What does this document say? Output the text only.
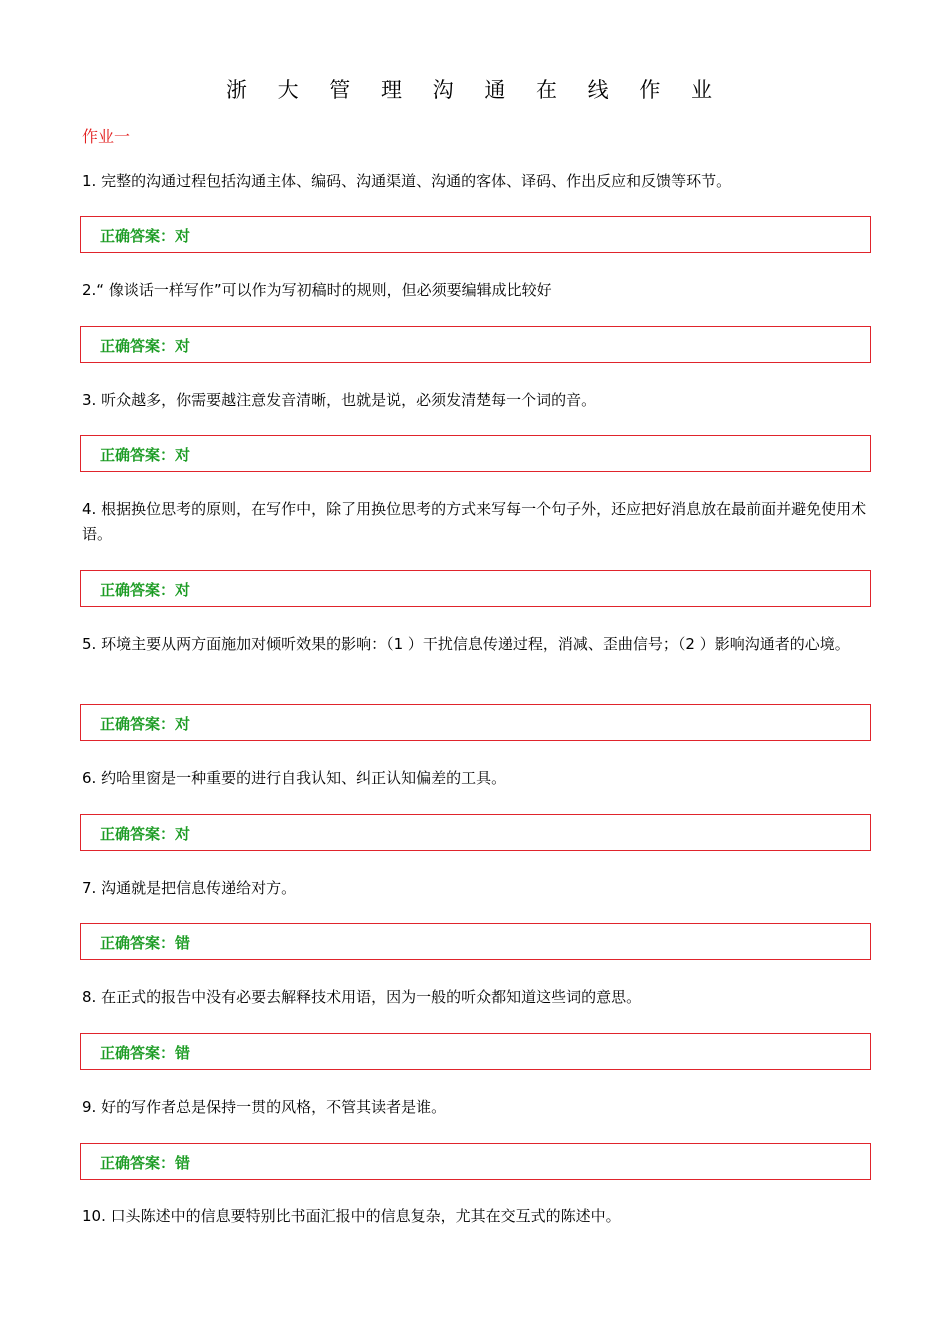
浙 大 管 理 沟 通 在 线 作 业
作业一
1. 完整的沟通过程包括沟通主体、编码、沟通渠道、沟通的客体、译码、作出反应和反馈等环节。
正确答案：对
2.“ 像谈话一样写作”可以作为写初稿时的规则，但必须要编辑成比较好
正确答案：对
3. 听众越多，你需要越注意发音清晰，也就是说，必须发清楚每一个词的音。
正确答案：对
4. 根据换位思考的原则，在写作中，除了用换位思考的方式来写每一个句子外，还应把好消息放在最前面并避免使用术语。
正确答案：对
5. 环境主要从两方面施加对倾听效果的影响：（1 ）干扰信息传递过程，消减、歪曲信号；（2 ）影响沟通者的心境。
正确答案：对
6. 约哈里窗是一种重要的进行自我认知、纠正认知偏差的工具。
正确答案：对
7. 沟通就是把信息传递给对方。
正确答案：错
8. 在正式的报告中没有必要去解释技术用语，因为一般的听众都知道这些词的意思。
正确答案：错
9. 好的写作者总是保持一贯的风格，不管其读者是谁。
正确答案：错
10. 口头陈述中的信息要特别比书面汇报中的信息复杂，尤其在交互式的陈述中。
